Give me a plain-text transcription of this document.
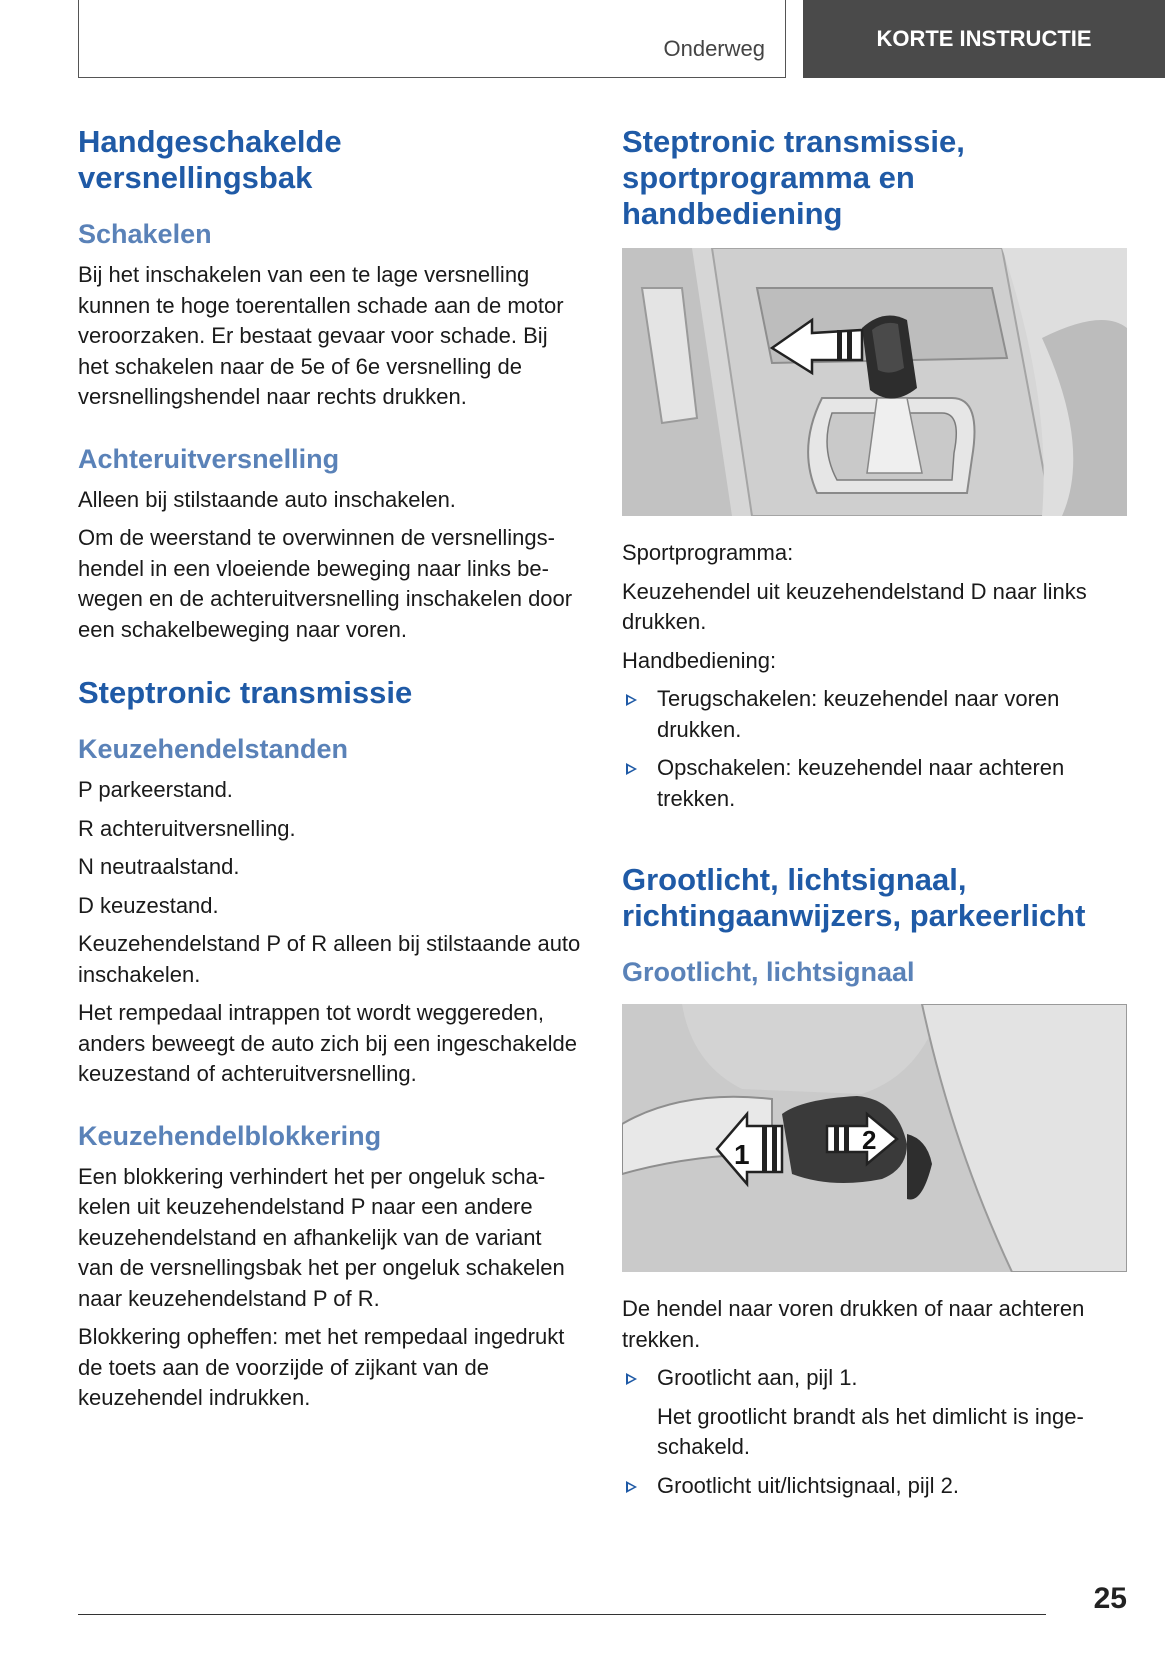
Onderweg	KORTE INSTRUCTIE
Handgeschakelde versnellingsbak
Schakelen

Bij het inschakelen van een te lage versnelling kunnen te hoge toerentallen schade aan de motor veroorzaken. Er bestaat gevaar voor schade. Bij het schakelen naar de 5e of 6e versnelling de versnellingshendel naar rechts drukken.

Achteruitversnelling

Alleen bij stilstaande auto inschakelen.

Om de weerstand te overwinnen de versnellingshendel in een vloeiende beweging naar links bewegen en de achteruitversnelling inschakelen door een schakelbeweging naar voren.

Steptronic transmissie
Keuzehendelstanden

P parkeerstand.

R achteruitversnelling.

N neutraalstand.

D keuzestand.

Keuzehendelstand P of R alleen bij stilstaande auto inschakelen.

Het rempedaal intrappen tot wordt weggereden, anders beweegt de auto zich bij een ingeschakelde keuzestand of achteruitversnelling.

Keuzehendelblokkering

Een blokkering verhindert het per ongeluk schakelen uit keuzehendelstand P naar een andere keuzehendelstand en afhankelijk van de variant van de versnellingsbak het per ongeluk schakelen naar keuzehendelstand P of R.

Blokkering opheffen: met het rempedaal ingedrukt de toets aan de voorzijde of zijkant van de keuzehendel indrukken.

Steptronic transmissie, sportprogramma en handbediening

Sportprogramma:

Keuzehendel uit keuzehendelstand D naar links drukken.

Handbediening:

Terugschakelen: keuzehendel naar voren drukken.
Opschakelen: keuzehendel naar achteren trekken.
Grootlicht, lichtsignaal, richtingaanwijzers, parkeerlicht
Grootlicht, lichtsignaal
1	2

De hendel naar voren drukken of naar achteren trekken.

Grootlicht aan, pijl 1.

Het grootlicht brandt als het dimlicht is ingeschakeld.

Grootlicht uit/lichtsignaal, pijl 2.
25
